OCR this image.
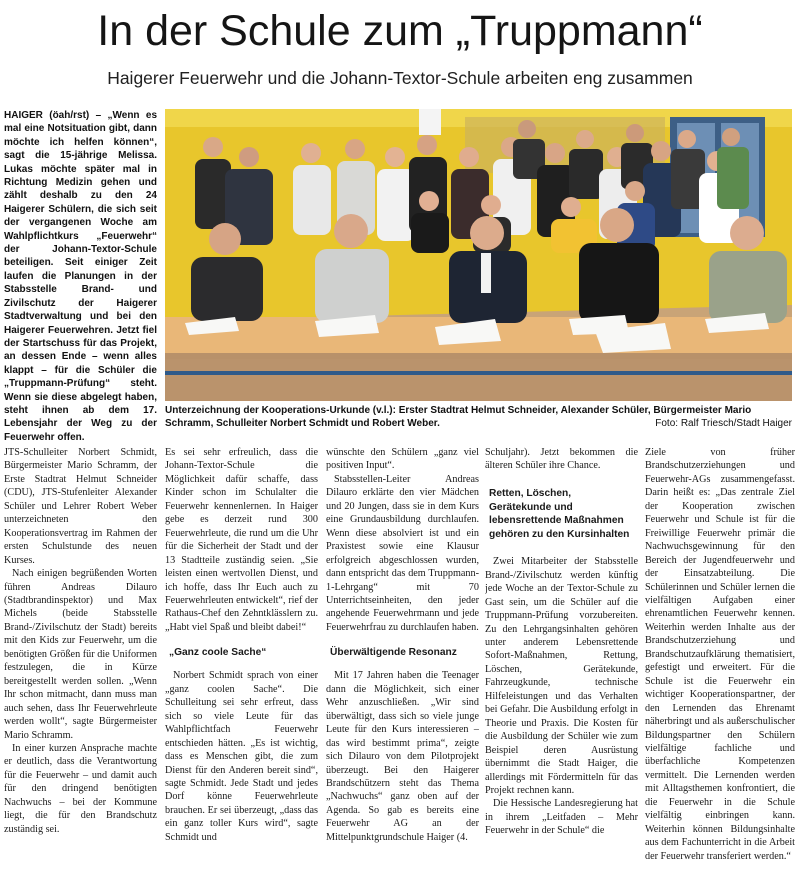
In der Schule zum „Truppmann“
Haigerer Feuerwehr und die Johann-Textor-Schule arbeiten eng zusammen
HAIGER (öah/rst) – „Wenn es mal eine Notsituation gibt, dann möchte ich helfen können“, sagt die 15-jährige Melissa. Lukas möchte später mal in Richtung Medizin gehen und zählt deshalb zu den 24 Haigerer Schülern, die sich seit der vergangenen Woche am Wahlpflichtkurs „Feuerwehr“ der Johann-Textor-Schule beteiligen. Seit einiger Zeit laufen die Planungen in der Stabsstelle Brand- und Zivilschutz der Haigerer Stadtverwaltung und bei den Haigerer Feuerwehren. Jetzt fiel der Startschuss für das Projekt, an dessen Ende – wenn alles klappt – für die Schüler die „Truppmann-Prüfung“ steht. Wenn sie diese abgelegt haben, steht ihnen ab dem 17. Lebensjahr der Weg zu der Feuerwehr offen.
Unterzeichnung der Kooperations-Urkunde (v.l.): Erster Stadtrat Helmut Schneider, Alexander Schüler, Bürgermeister Mario Schramm, Schulleiter Norbert Schmidt und Robert Weber.	Foto: Ralf Triesch/Stadt Haiger

JTS-Schulleiter Norbert Schmidt, Bürgermeister Mario Schramm, der Erste Stadtrat Helmut Schneider (CDU), JTS-Stufenleiter Alexander Schüler und Lehrer Robert Weber unterzeichneten den Kooperationsvertrag im Rahmen der ersten Schulstunde des neuen Kurses.

Nach einigen begrüßenden Worten führen Andreas Dilauro (Stadtbrandinspektor) und Max Michels (beide Stabsstelle Brand-/Zivilschutz der Stadt) bereits mit den Kids zur Feuerwehr, um die benötigten Größen für die Uniformen festzulegen, die in Kürze bereitgestellt werden sollen. „Wenn Ihr schon mitmacht, dann muss man auch sehen, dass Ihr Feuerwehrleute werden wollt“, sagte Bürgermeister Mario Schramm.

In einer kurzen Ansprache machte er deutlich, dass die Verantwortung für die Feuerwehr – und damit auch für den dringend benötigten Nachwuchs – bei der Kommune liegt, die für den Brandschutz zuständig sei.

Es sei sehr erfreulich, dass die Johann-Textor-Schule die Möglichkeit dafür schaffe, dass Kinder schon im Schulalter die Feuerwehr kennenlernen. In Haiger gebe es derzeit rund 300 Feuerwehrleute, die rund um die Uhr für die Sicherheit der Stadt und der 13 Stadtteile zuständig seien. „Sie leisten einen wertvollen Dienst, und ich hoffe, dass Ihr Euch auch zu Feuerwehrleuten entwickelt“, rief der Rathaus-Chef den Zehntklässlern zu. „Habt viel Spaß und bleibt dabei!“

„Ganz coole Sache“

Norbert Schmidt sprach von einer „ganz coolen Sache“. Die Schulleitung sei sehr erfreut, dass sich so viele Leute für das Wahlpflichtfach Feuerwehr entschieden hätten. „Es ist wichtig, dass es Menschen gibt, die zum Dienst für den Anderen bereit sind“, sagte Schmidt. Jede Stadt und jedes Dorf könne Feuerwehrleute brauchen. Er sei überzeugt, „dass das ein ganz toller Kurs wird“, sagte Schmidt und

wünschte den Schülern „ganz viel positiven Input“.

Stabsstellen-Leiter Andreas Dilauro erklärte den vier Mädchen und 20 Jungen, dass sie in dem Kurs eine Grundausbildung durchlaufen. Wenn diese absolviert ist und ein Praxistest sowie eine Klausur erfolgreich abgeschlossen wurden, dann entspricht das dem Truppmann-1-Lehrgang“ mit 70 Unterrichtseinheiten, den jeder angehende Feuerwehrmann und jede Feuerwehrfrau zu durchlaufen haben.

Überwältigende Resonanz

Mit 17 Jahren haben die Teenager dann die Möglichkeit, sich einer Wehr anzuschließen. „Wir sind überwältigt, dass sich so viele junge Leute für den Kurs interessieren – das wird bestimmt prima“, zeigte sich Dilauro von dem Pilotprojekt überzeugt. Bei den Haigerer Brandschützern steht das Thema „Nachwuchs“ ganz oben auf der Agenda. So gab es bereits eine Feuerwehr AG an der Mittelpunktgrundschule Haiger (4.

Schuljahr). Jetzt bekommen die älteren Schüler ihre Chance.

Retten, Löschen, Gerätekunde und lebensrettende Maßnahmen gehören zu den Kursinhalten

Zwei Mitarbeiter der Stabsstelle Brand-/Zivilschutz werden künftig jede Woche an der Textor-Schule zu Gast sein, um die Schüler auf die Truppmann-Prüfung vorzubereiten. Zu den Lehrgangsinhalten gehören unter anderem Lebensrettende Sofort-Maßnahmen, Rettung, Löschen, Gerätekunde, Fahrzeugkunde, technische Hilfeleistungen und das Verhalten bei Gefahr. Die Ausbildung erfolgt in Theorie und Praxis. Die Kosten für die Ausbildung der Schüler wie zum Beispiel deren Ausrüstung übernimmt die Stadt Haiger, die allerdings mit Fördermitteln für das Projekt rechnen kann.

Die Hessische Landesregierung hat in ihrem „Leitfaden – Mehr Feuerwehr in der Schule“ die

Ziele von früher Brandschutzerziehungen und Feuerwehr-AGs zusammengefasst. Darin heißt es: „Das zentrale Ziel der Kooperation zwischen Feuerwehr und Schule ist für die Freiwillige Feuerwehr primär die Nachwuchsgewinnung für den Bereich der Jugendfeuerwehr und der Einsatzabteilung. Die Schülerinnen und Schüler lernen die vielfältigen Aufgaben einer ehrenamtlichen Feuerwehr kennen. Weiterhin werden Inhalte aus der Brandschutzerziehung und Brandschutzaufklärung thematisiert, gefestigt und erweitert. Für die Schule ist die Feuerwehr ein wichtiger Kooperationspartner, der den Lernenden das Ehrenamt näherbringt und als außerschulischer Bildungspartner den Schülern vielfältige fachliche und überfachliche Kompetenzen vermittelt. Die Lernenden werden mit Alltagsthemen konfrontiert, die die Feuerwehr in die Schule vielfältig einbringen kann. Weiterhin können Bildungsinhalte aus dem Fachunterricht in die Arbeit der Feuerwehr transferiert werden.“
